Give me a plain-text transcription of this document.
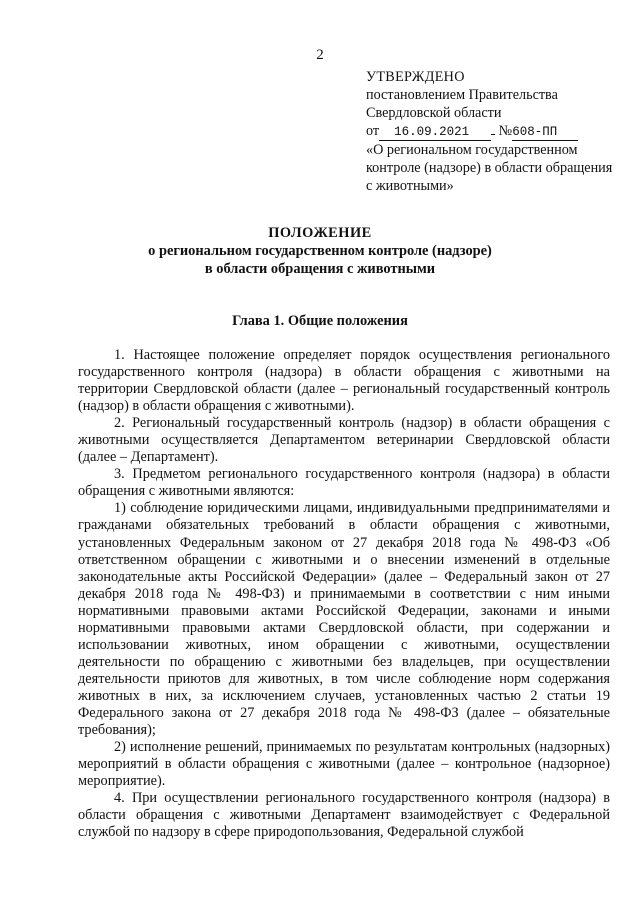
2
УТВЕРЖДЕНО
постановлением Правительства
Свердловской области
от 16.09.2021 №608-ПП
«О региональном государственном контроле (надзоре) в области обращения с животными»
ПОЛОЖЕНИЕ
о региональном государственном контроле (надзоре)
в области обращения с животными
Глава 1. Общие положения

1. Настоящее положение определяет порядок осуществления регионального государственного контроля (надзора) в области обращения с животными на территории Свердловской области (далее – региональный государственный контроль (надзор) в области обращения с животными).

2. Региональный государственный контроль (надзор) в области обращения с животными осуществляется Департаментом ветеринарии Свердловской области (далее – Департамент).

3. Предметом регионального государственного контроля (надзора) в области обращения с животными являются:

1) соблюдение юридическими лицами, индивидуальными предпринимателями и гражданами обязательных требований в области обращения с животными, установленных Федеральным законом от 27 декабря 2018 года № 498-ФЗ «Об ответственном обращении с животными и о внесении изменений в отдельные законодательные акты Российской Федерации» (далее – Федеральный закон от 27 декабря 2018 года № 498-ФЗ) и принимаемыми в соответствии с ним иными нормативными правовыми актами Российской Федерации, законами и иными нормативными правовыми актами Свердловской области, при содержании и использовании животных, ином обращении с животными, осуществлении деятельности по обращению с животными без владельцев, при осуществлении деятельности приютов для животных, в том числе соблюдение норм содержания животных в них, за исключением случаев, установленных частью 2 статьи 19 Федерального закона от 27 декабря 2018 года № 498-ФЗ (далее – обязательные требования);

2) исполнение решений, принимаемых по результатам контрольных (надзорных) мероприятий в области обращения с животными (далее – контрольное (надзорное) мероприятие).

4. При осуществлении регионального государственного контроля (надзора) в области обращения с животными Департамент взаимодействует с Федеральной службой по надзору в сфере природопользования, Федеральной службой
